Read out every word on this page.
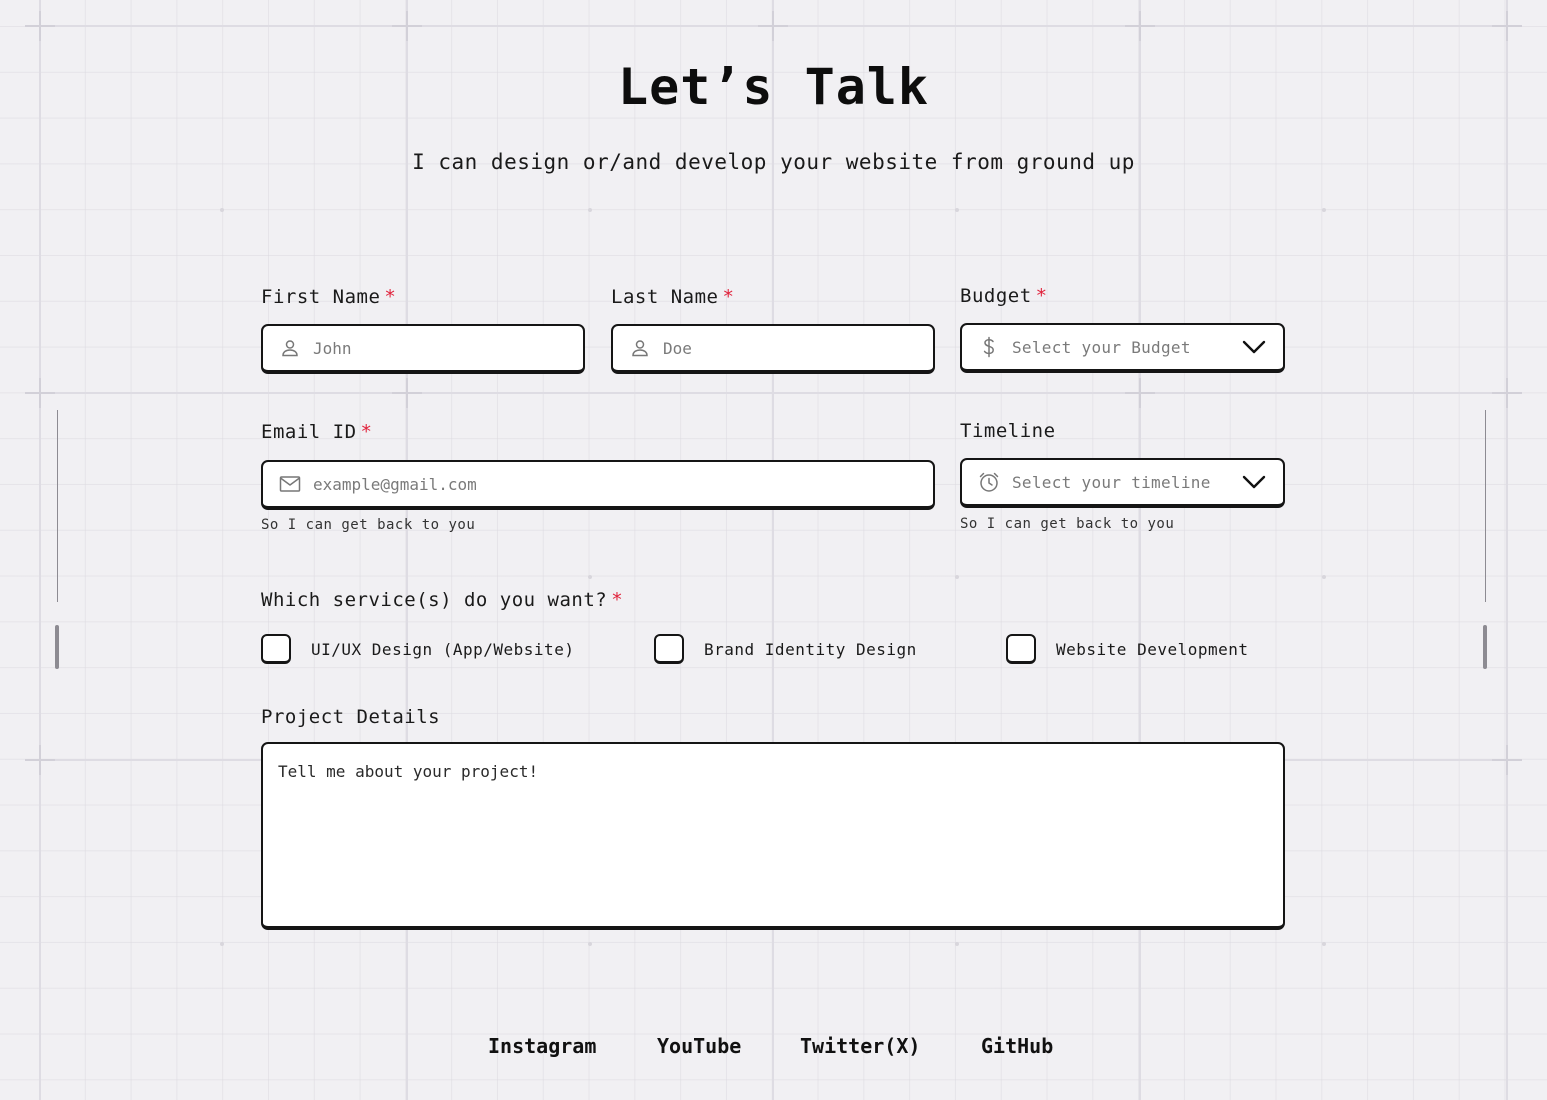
Let’s Talk

I can design or/and develop your website from ground up

First Name *
John	Last Name *
Doe	Budget *
Select your Budget
Email ID *
example@gmail.com
So I can get back to you
Timeline
Select your timeline
So I can get back to you
Which service(s) do you want? *
UI/UX Design (App/Website)	Brand Identity Design	Website Development
Project Details
Tell me about your project!
Instagram	YouTube	Twitter(X)	GitHub
